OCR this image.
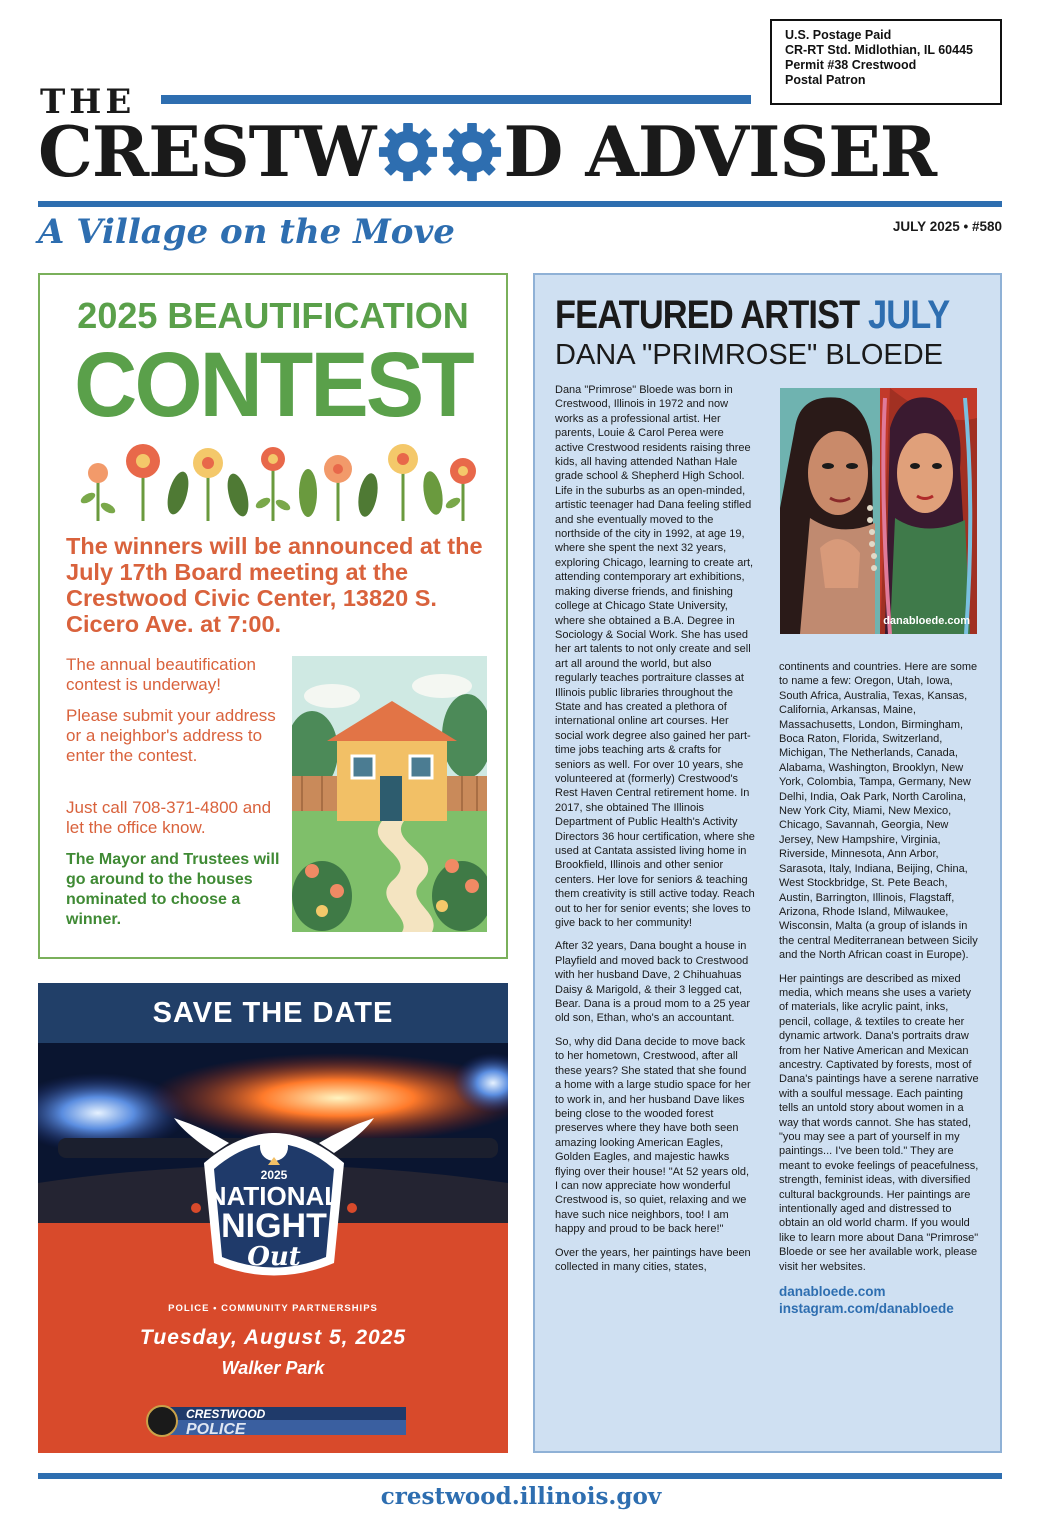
U.S. Postage Paid
CR-RT Std. Midlothian, IL 60445
Permit #38 Crestwood
Postal Patron
THE
CRESTW D ADVISER
A Village on the Move	JULY 2025 • #580
2025 BEAUTIFICATION
CONTEST
The winners will be announced at the July 17th Board meeting at the Crestwood Civic Center, 13820 S. Cicero Ave. at 7:00.
The annual beautification contest is underway!
Please submit your address or a neighbor's address to enter the contest.
Just call 708-371-4800 and let the office know.
The Mayor and Trustees will go around to the houses nominated to choose a winner.
SAVE THE DATE
2025
NATIONAL
NIGHT
Out
POLICE • COMMUNITY PARTNERSHIPS
Tuesday, August 5, 2025
Walker Park
CRESTWOOD
POLICE
FEATURED ARTIST JULY
DANA "PRIMROSE" BLOEDE

Dana "Primrose" Bloede was born in Crestwood, Illinois in 1972 and now works as a professional artist. Her parents, Louie & Carol Perea were active Crestwood residents raising three kids, all having attended Nathan Hale grade school & Shepherd High School. Life in the suburbs as an open-minded, artistic teenager had Dana feeling stifled and she eventually moved to the northside of the city in 1992, at age 19, where she spent the next 32 years, exploring Chicago, learning to create art, attending contemporary art exhibitions, making diverse friends, and finishing college at Chicago State University, where she obtained a B.A. Degree in Sociology & Social Work. She has used her art talents to not only create and sell art all around the world, but also regularly teaches portraiture classes at Illinois public libraries throughout the State and has created a plethora of international online art courses. Her social work degree also gained her part-time jobs teaching arts & crafts for seniors as well. For over 10 years, she volunteered at (formerly) Crestwood's Rest Haven Central retirement home. In 2017, she obtained The Illinois Department of Public Health's Activity Directors 36 hour certification, where she used at Cantata assisted living home in Brookfield, Illinois and other senior centers. Her love for seniors & teaching them creativity is still active today. Reach out to her for senior events; she loves to give back to her community!

After 32 years, Dana bought a house in Playfield and moved back to Crestwood with her husband Dave, 2 Chihuahuas Daisy & Marigold, & their 3 legged cat, Bear. Dana is a proud mom to a 25 year old son, Ethan, who's an accountant.

So, why did Dana decide to move back to her hometown, Crestwood, after all these years? She stated that she found a home with a large studio space for her to work in, and her husband Dave likes being close to the wooded forest preserves where they have both seen amazing looking American Eagles, Golden Eagles, and majestic hawks flying over their house! "At 52 years old, I can now appreciate how wonderful Crestwood is, so quiet, relaxing and we have such nice neighbors, too! I am happy and proud to be back here!"

Over the years, her paintings have been collected in many cities, states,

danabloede.com

continents and countries. Here are some to name a few: Oregon, Utah, Iowa, South Africa, Australia, Texas, Kansas, California, Arkansas, Maine, Massachusetts, London, Birmingham, Boca Raton, Florida, Switzerland, Michigan, The Netherlands, Canada, Alabama, Washington, Brooklyn, New York, Colombia, Tampa, Germany, New Delhi, India, Oak Park, North Carolina, New York City, Miami, New Mexico, Chicago, Savannah, Georgia, New Jersey, New Hampshire, Virginia, Riverside, Minnesota, Ann Arbor, Sarasota, Italy, Indiana, Beijing, China, West Stockbridge, St. Pete Beach, Austin, Barrington, Illinois, Flagstaff, Arizona, Rhode Island, Milwaukee, Wisconsin, Malta (a group of islands in the central Mediterranean between Sicily and the North African coast in Europe).

Her paintings are described as mixed media, which means she uses a variety of materials, like acrylic paint, inks, pencil, collage, & textiles to create her dynamic artwork. Dana's portraits draw from her Native American and Mexican ancestry. Captivated by forests, most of Dana's paintings have a serene narrative with a soulful message. Each painting tells an untold story about women in a way that words cannot. She has stated, "you may see a part of yourself in my paintings... I've been told." They are meant to evoke feelings of peacefulness, strength, feminist ideas, with diversified cultural backgrounds. Her paintings are intentionally aged and distressed to obtain an old world charm. If you would like to learn more about Dana "Primrose" Bloede or see her available work, please visit her websites.

danabloede.com
instagram.com/danabloede
crestwood.illinois.gov
